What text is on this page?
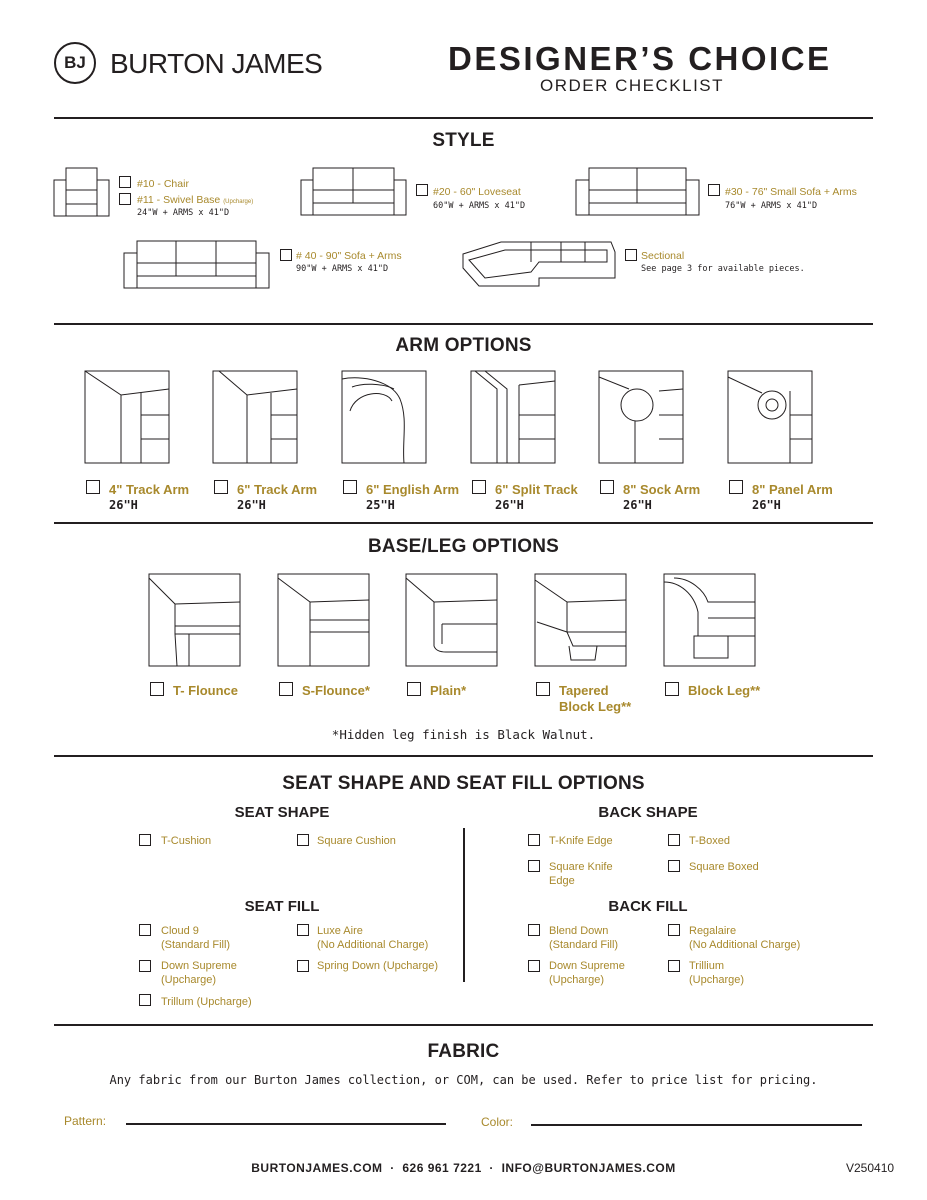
BJ BURTON JAMES	DESIGNER’S CHOICE
ORDER CHECKLIST
STYLE
#10 - Chair
#11 - Swivel Base (Upcharge)
24"W + ARMS x 41"D
#20 - 60" Loveseat
60"W + ARMS x 41"D
#30 - 76" Small Sofa + Arms
76"W + ARMS x 41"D
# 40 - 90" Sofa + Arms
90"W + ARMS x 41"D
Sectional
See page 3 for available pieces.
ARM OPTIONS
4" Track Arm
26"H
6" Track Arm
26"H
6" English Arm
25"H
6" Split Track
26"H
8" Sock Arm
26"H
8" Panel Arm
26"H
BASE/LEG OPTIONS
T- Flounce	S-Flounce*	Plain*	Tapered
Block Leg**
Block Leg**
*Hidden leg finish is Black Walnut.
SEAT SHAPE AND SEAT FILL OPTIONS
SEAT SHAPE	BACK SHAPE
T-Cushion	Square Cushion	T-Knife Edge	T-Boxed
Square Knife
Edge
Square Boxed
SEAT FILL	BACK FILL
Cloud 9
(Standard Fill)
Luxe Aire
(No Additional Charge)
Down Supreme
(Upcharge)
Spring Down (Upcharge)
Trillum (Upcharge)
Blend Down
(Standard Fill)
Regalaire
(No Additional Charge)
Down Supreme
(Upcharge)
Trillium
(Upcharge)
FABRIC
Any fabric from our Burton James collection, or COM, can be used. Refer to price list for pricing.
Pattern:	Color:
BURTONJAMES.COM  ·  626 961 7221  ·  INFO@BURTONJAMES.COM	V250410
